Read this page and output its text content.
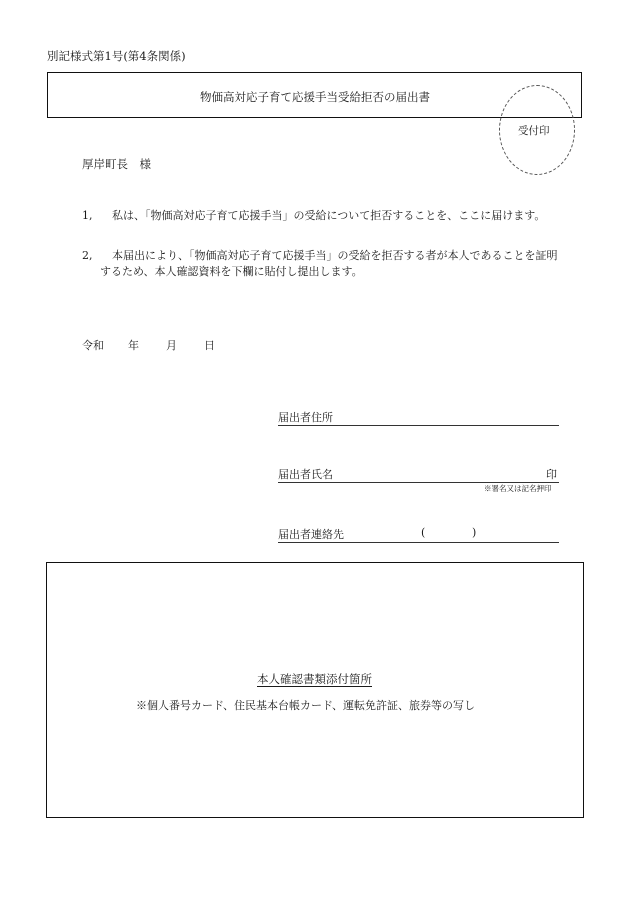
別記様式第1号(第4条関係)
物価高対応子育て応援手当受給拒否の届出書
受付印
厚岸町長　様
1,	私は、「物価高対応子育て応援手当」の受給について拒否することを、ここに届けます。
2,	本届出により、「物価高対応子育て応援手当」の受給を拒否する者が本人であることを証明するため、本人確認資料を下欄に貼付し提出します。
令和 年 月 日
届出者住所
届出者氏名	印
※署名又は記名押印
届出者連絡先	(	)
本人確認書類添付箇所
※個人番号カード、住民基本台帳カード、運転免許証、旅券等の写し
